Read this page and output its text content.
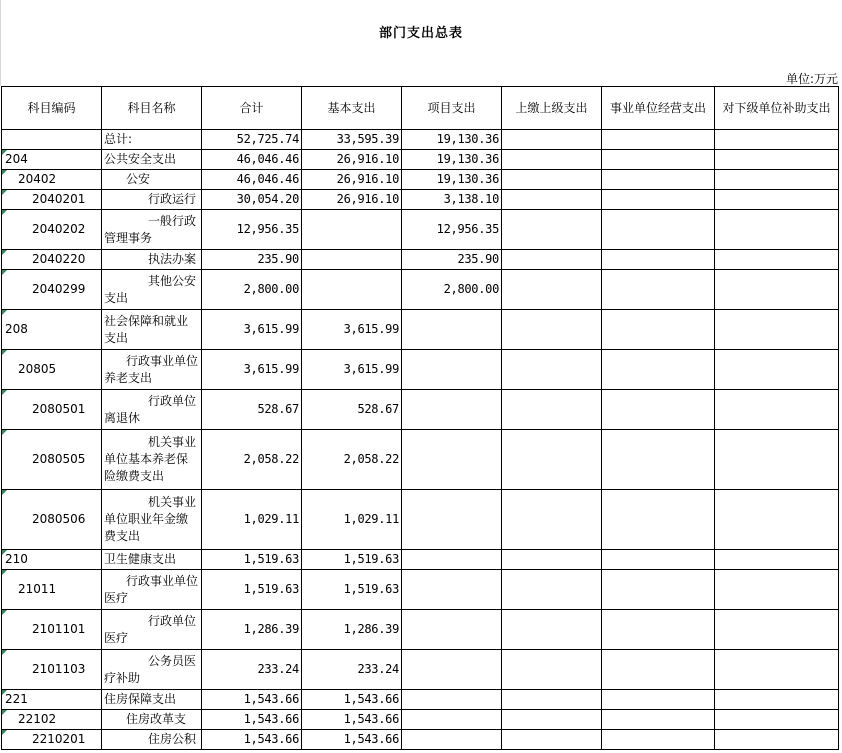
部门支出总表
单位:万元
科目编码	科目名称	合计	基本支出	项目支出	上缴上级支出	事业单位经营支出	对下级单位补助支出
	总计:	52,725.74	33,595.39	19,130.36			
204	公共安全支出	46,046.46	26,916.10	19,130.36			
20402	公安	46,046.46	26,916.10	19,130.36			
2040201	行政运行	30,054.20	26,916.10	3,138.10			
2040202	一般行政管理事务	12,956.35		12,956.35			
2040220	执法办案	235.90		235.90			
2040299	其他公安支出	2,800.00		2,800.00			
208	社会保障和就业支出	3,615.99	3,615.99				
20805	行政事业单位养老支出	3,615.99	3,615.99				
2080501	行政单位离退休	528.67	528.67				
2080505	机关事业单位基本养老保险缴费支出	2,058.22	2,058.22				
2080506	机关事业单位职业年金缴费支出	1,029.11	1,029.11				
210	卫生健康支出	1,519.63	1,519.63				
21011	行政事业单位医疗	1,519.63	1,519.63				
2101101	行政单位医疗	1,286.39	1,286.39				
2101103	公务员医疗补助	233.24	233.24				
221	住房保障支出	1,543.66	1,543.66				
22102	住房改革支	1,543.66	1,543.66				
2210201	住房公积	1,543.66	1,543.66				
